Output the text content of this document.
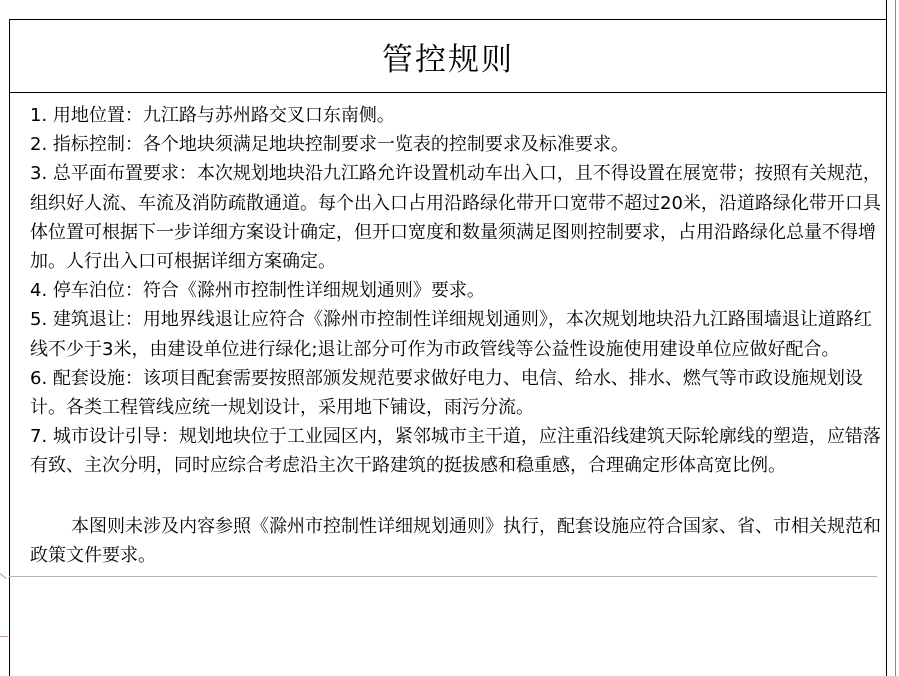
管控规则

1. 用地位置：九江路与苏州路交叉口东南侧。

2. 指标控制：各个地块须满足地块控制要求一览表的控制要求及标准要求。

3. 总平面布置要求：本次规划地块沿九江路允许设置机动车出入口，且不得设置在展宽带；按照有关规范，组织好人流、车流及消防疏散通道。每个出入口占用沿路绿化带开口宽带不超过20米，沿道路绿化带开口具体位置可根据下一步详细方案设计确定，但开口宽度和数量须满足图则控制要求，占用沿路绿化总量不得增加。人行出入口可根据详细方案确定。

4. 停车泊位：符合《滁州市控制性详细规划通则》要求。

5. 建筑退让：用地界线退让应符合《滁州市控制性详细规划通则》，本次规划地块沿九江路围墙退让道路红线不少于3米，由建设单位进行绿化;退让部分可作为市政管线等公益性设施使用建设单位应做好配合。

6. 配套设施：该项目配套需要按照部颁发规范要求做好电力、电信、给水、排水、燃气等市政设施规划设计。各类工程管线应统一规划设计，采用地下铺设，雨污分流。

7. 城市设计引导：规划地块位于工业园区内，紧邻城市主干道，应注重沿线建筑天际轮廓线的塑造，应错落有致、主次分明，同时应综合考虑沿主次干路建筑的挺拔感和稳重感，合理确定形体高宽比例。

本图则未涉及内容参照《滁州市控制性详细规划通则》执行，配套设施应符合国家、省、市相关规范和政策文件要求。
